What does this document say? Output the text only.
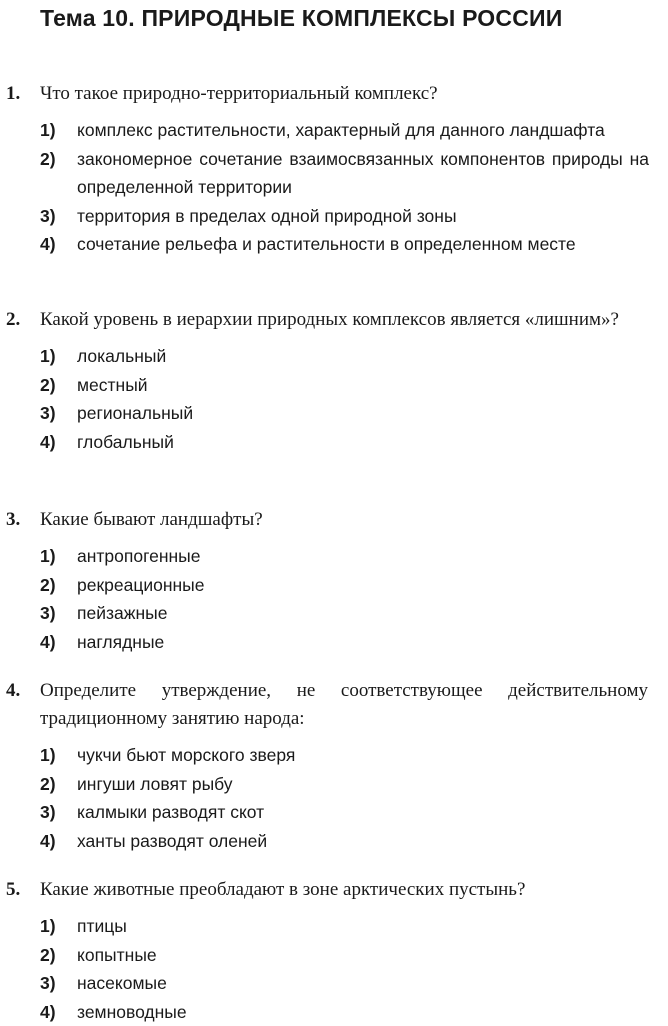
Тема 10. ПРИРОДНЫЕ КОМПЛЕКСЫ РОССИИ
1.	Что такое природно-территориальный комплекс?
1)	комплекс растительности, характерный для данного ландшафта
2)	закономерное сочетание взаимосвязанных компонентов природы на определенной территории
3)	территория в пределах одной природной зоны
4)	сочетание рельефа и растительности в определенном месте
2.	Какой уровень в иерархии природных комплексов является «лишним»?
1)	локальный
2)	местный
3)	региональный
4)	глобальный
3.	Какие бывают ландшафты?
1)	антропогенные
2)	рекреационные
3)	пейзажные
4)	наглядные
4.	Определите утверждение, не соответствующее действительному традиционному занятию народа:
1)	чукчи бьют морского зверя
2)	ингуши ловят рыбу
3)	калмыки разводят скот
4)	ханты разводят оленей
5.	Какие животные преобладают в зоне арктических пустынь?
1)	птицы
2)	копытные
3)	насекомые
4)	земноводные
